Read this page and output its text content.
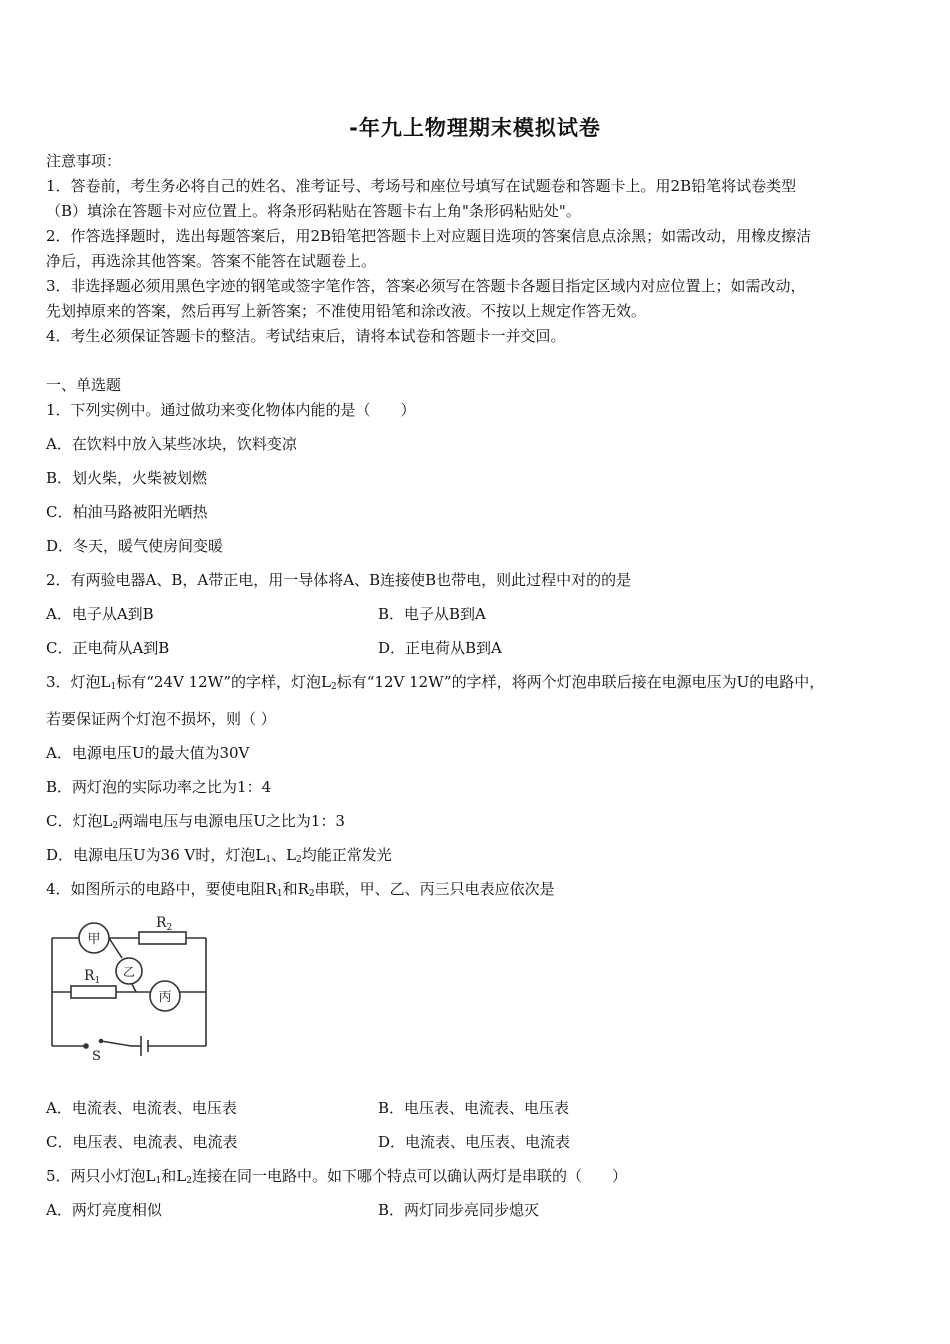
-年九上物理期末模拟试卷
注意事项：
1．答卷前，考生务必将自己的姓名、准考证号、考场号和座位号填写在试题卷和答题卡上。用2B铅笔将试卷类型
（B）填涂在答题卡对应位置上。将条形码粘贴在答题卡右上角"条形码粘贴处"。
2．作答选择题时，选出每题答案后，用2B铅笔把答题卡上对应题目选项的答案信息点涂黑；如需改动，用橡皮擦洁
净后，再选涂其他答案。答案不能答在试题卷上。
3．非选择题必须用黑色字迹的钢笔或签字笔作答，答案必须写在答题卡各题目指定区域内对应位置上；如需改动，
先划掉原来的答案，然后再写上新答案；不准使用铅笔和涂改液。不按以上规定作答无效。
4．考生必须保证答题卡的整洁。考试结束后，请将本试卷和答题卡一并交回。
一、单选题
1．下列实例中。通过做功来变化物体内能的是（　　）
A．在饮料中放入某些冰块，饮料变凉
B．划火柴，火柴被划燃
C．柏油马路被阳光晒热
D．冬天，暖气使房间变暖
2．有两验电器A、B，A带正电，用一导体将A、B连接使B也带电，则此过程中对的的是
A．电子从A到B	B．电子从B到A
C．正电荷从A到B	D．正电荷从B到A
3．灯泡$L_1$标有“24V 12W”的字样，灯泡$L_2$标有“12V 12W”的字样，将两个灯泡串联后接在电源电压为U的电路中，
若要保证两个灯泡不损坏，则（ ）
A．电源电压U的最大值为30V
B．两灯泡的实际功率之比为1：4
C．灯泡$L_2$两端电压与电源电压U之比为1：3
D．电源电压U为36 V时，灯泡$L_1$、$L_2$均能正常发光
4．如图所示的电路中，要使电阻$R_1$和$R_2$串联，甲、乙、丙三只电表应依次是
甲
乙
丙
$R_2$
$R_1$
S
A．电流表、电流表、电压表	B．电压表、电流表、电压表
C．电压表、电流表、电流表	D．电流表、电压表、电流表
5．两只小灯泡$L_1$和$L_2$连接在同一电路中。如下哪个特点可以确认两灯是串联的（　　）
A．两灯亮度相似	B．两灯同步亮同步熄灭
